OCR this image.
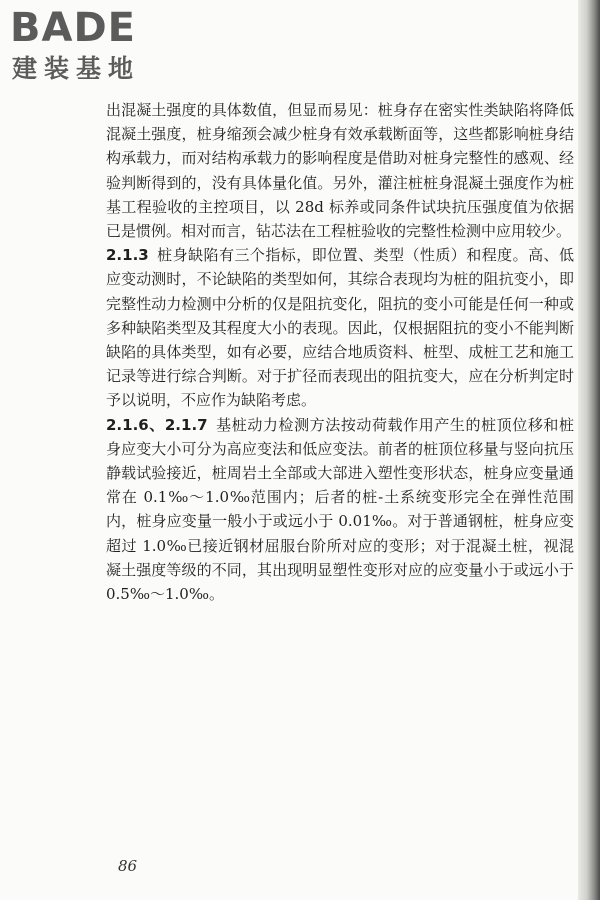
BADE
建装基地

出混凝土强度的具体数值，但显而易见：桩身存在密实性类缺陷将降低混凝土强度，桩身缩颈会减少桩身有效承载断面等，这些都影响桩身结构承载力，而对结构承载力的影响程度是借助对桩身完整性的感观、经验判断得到的，没有具体量化值。另外，灌注桩桩身混凝土强度作为桩基工程验收的主控项目，以 28d 标养或同条件试块抗压强度值为依据已是惯例。相对而言，钻芯法在工程桩验收的完整性检测中应用较少。

2.1.3 桩身缺陷有三个指标，即位置、类型（性质）和程度。高、低应变动测时，不论缺陷的类型如何，其综合表现均为桩的阻抗变小，即完整性动力检测中分析的仅是阻抗变化，阻抗的变小可能是任何一种或多种缺陷类型及其程度大小的表现。因此，仅根据阻抗的变小不能判断缺陷的具体类型，如有必要，应结合地质资料、桩型、成桩工艺和施工记录等进行综合判断。对于扩径而表现出的阻抗变大，应在分析判定时予以说明，不应作为缺陷考虑。

2.1.6、2.1.7 基桩动力检测方法按动荷载作用产生的桩顶位移和桩身应变大小可分为高应变法和低应变法。前者的桩顶位移量与竖向抗压静载试验接近，桩周岩土全部或大部进入塑性变形状态，桩身应变量通常在 0.1‰～1.0‰范围内；后者的桩-土系统变形完全在弹性范围内，桩身应变量一般小于或远小于 0.01‰。对于普通钢桩，桩身应变超过 1.0‰已接近钢材屈服台阶所对应的变形；对于混凝土桩，视混凝土强度等级的不同，其出现明显塑性变形对应的应变量小于或远小于 0.5‰～1.0‰。

86
